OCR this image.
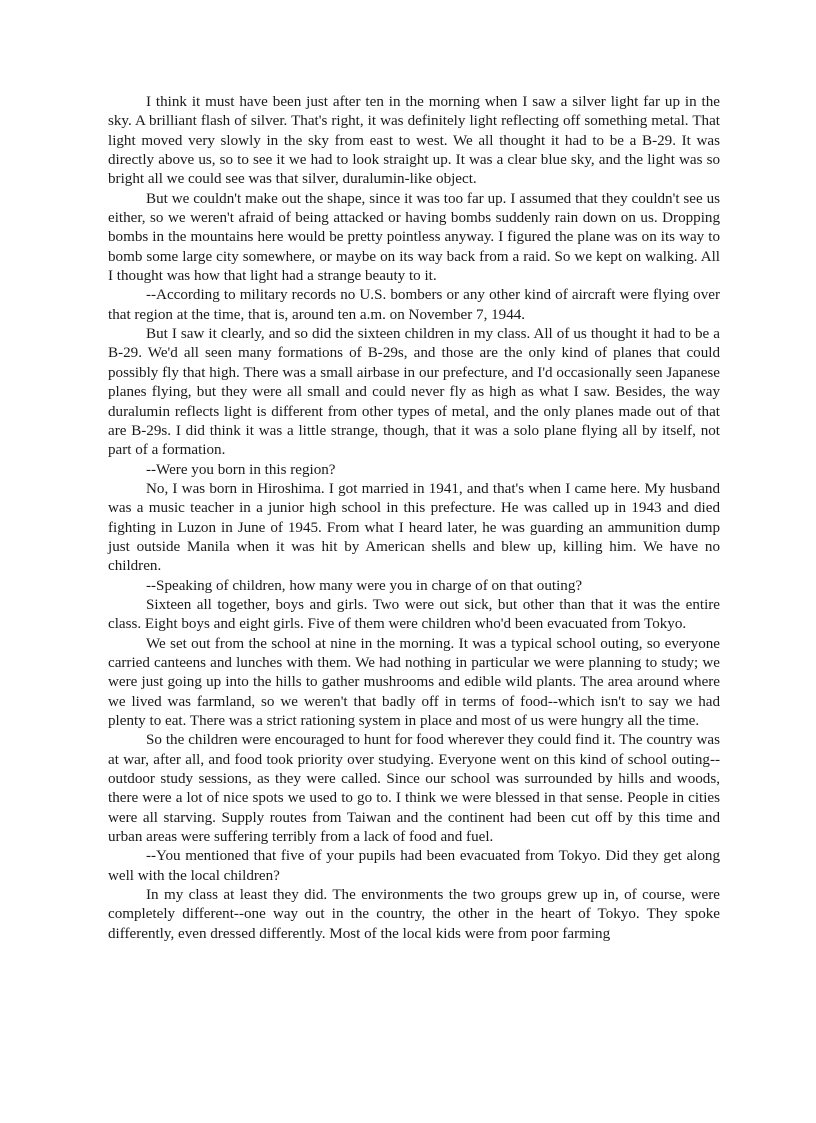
I think it must have been just after ten in the morning when I saw a silver light far up in the sky. A brilliant flash of silver. That's right, it was definitely light reflecting off something metal. That light moved very slowly in the sky from east to west. We all thought it had to be a B-29. It was directly above us, so to see it we had to look straight up. It was a clear blue sky, and the light was so bright all we could see was that silver, duralumin-like object.

But we couldn't make out the shape, since it was too far up. I assumed that they couldn't see us either, so we weren't afraid of being attacked or having bombs suddenly rain down on us. Dropping bombs in the mountains here would be pretty pointless anyway. I figured the plane was on its way to bomb some large city somewhere, or maybe on its way back from a raid. So we kept on walking. All I thought was how that light had a strange beauty to it.

--According to military records no U.S. bombers or any other kind of aircraft were flying over that region at the time, that is, around ten a.m. on November 7, 1944.

But I saw it clearly, and so did the sixteen children in my class. All of us thought it had to be a B-29. We'd all seen many formations of B-29s, and those are the only kind of planes that could possibly fly that high. There was a small airbase in our prefecture, and I'd occasionally seen Japanese planes flying, but they were all small and could never fly as high as what I saw. Besides, the way duralumin reflects light is different from other types of metal, and the only planes made out of that are B-29s. I did think it was a little strange, though, that it was a solo plane flying all by itself, not part of a formation.

--Were you born in this region?

No, I was born in Hiroshima. I got married in 1941, and that's when I came here. My husband was a music teacher in a junior high school in this prefecture. He was called up in 1943 and died fighting in Luzon in June of 1945. From what I heard later, he was guarding an ammunition dump just outside Manila when it was hit by American shells and blew up, killing him. We have no children.

--Speaking of children, how many were you in charge of on that outing?

Sixteen all together, boys and girls. Two were out sick, but other than that it was the entire class. Eight boys and eight girls. Five of them were children who'd been evacuated from Tokyo.

We set out from the school at nine in the morning. It was a typical school outing, so everyone carried canteens and lunches with them. We had nothing in particular we were planning to study; we were just going up into the hills to gather mushrooms and edible wild plants. The area around where we lived was farmland, so we weren't that badly off in terms of food--which isn't to say we had plenty to eat. There was a strict rationing system in place and most of us were hungry all the time.

So the children were encouraged to hunt for food wherever they could find it. The country was at war, after all, and food took priority over studying. Everyone went on this kind of school outing--outdoor study sessions, as they were called. Since our school was surrounded by hills and woods, there were a lot of nice spots we used to go to. I think we were blessed in that sense. People in cities were all starving. Supply routes from Taiwan and the continent had been cut off by this time and urban areas were suffering terribly from a lack of food and fuel.

--You mentioned that five of your pupils had been evacuated from Tokyo. Did they get along well with the local children?

In my class at least they did. The environments the two groups grew up in, of course, were completely different--one way out in the country, the other in the heart of Tokyo. They spoke differently, even dressed differently. Most of the local kids were from poor farming
